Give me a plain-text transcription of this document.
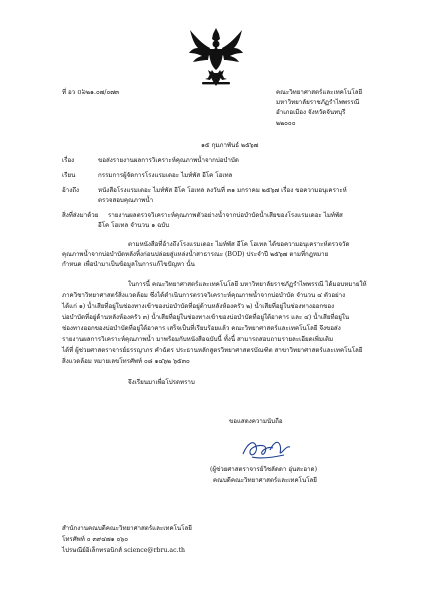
ที่ อว ០៦๒๑.๐๗/๐๗๓	คณะวิทยาศาสตร์และเทคโนโลยี
มหาวิทยาลัยราชภัฏรำไพพรรณี
อำเภอเมือง จังหวัดจันทบุรี
๒๒๐๐๐
๑๕ กุมภาพันธ์ ๒๕๖๗
เรื่อง	ขอส่งรายงานผลการวิเคราะห์คุณภาพน้ำจากบ่อบำบัด
เรียน	กรรมการผู้จัดการโรงแรมเดอะ ไมท์พัส อีโค โฮเทล
อ้างถึง	หนังสือโรงแรมเดอะ ไมท์พัส อีโค โฮเทล ลงวันที่ ๓๑ มกราคม ๒๕๖๗ เรื่อง ขอความอนุเคราะห์
ตรวจสอบคุณภาพน้ำ
สิ่งที่ส่งมาด้วย รายงานผลตรวจวิเคราะห์คุณภาพตัวอย่างน้ำจากบ่อบำบัดน้ำเสียของโรงแรมเดอะ ไมท์พัส
อีโค โฮเทล จำนวน ๑ ฉบับ
ตามหนังสือที่อ้างถึงโรงแรมเดอะ ไมท์พัส อีโค โฮเทล ได้ขอความอนุเคราะห์ตรวจวัด
คุณภาพน้ำจากบ่อบำบัดหลังทิ้งก่อนปล่อยสู่แหล่งน้ำสาธารณะ (BOD) ประจำปี ๒๕๖๗ ตามที่กฎหมาย
กำหนด เพื่อนำมาเป็นข้อมูลในการแก้ไขปัญหา นั้น
ในการนี้ คณะวิทยาศาสตร์และเทคโนโลยี มหาวิทยาลัยราชภัฏรำไพพรรณี ได้มอบหมายให้
ภาควิชาวิทยาศาสตร์สิ่งแวดล้อม ซึ่งได้ดำเนินการตรวจวิเคราะห์คุณภาพน้ำจากบ่อบำบัด จำนวน ๔ ตัวอย่าง
ได้แก่ ๑) น้ำเสียที่อยู่ในช่องทางเข้าของบ่อบำบัดที่อยู่ด้านหลังห้องครัว ๒) น้ำเสียที่อยู่ในช่องทางออกของ
บ่อบำบัดที่อยู่ด้านหลังห้องครัว ๓) น้ำเสียที่อยู่ในช่องทางเข้าของบ่อบำบัดที่อยู่ใต้อาคาร และ ๔) น้ำเสียที่อยู่ใน
ช่องทางออกของบ่อบำบัดที่อยู่ใต้อาคาร เสร็จเป็นที่เรียบร้อยแล้ว คณะวิทยาศาสตร์และเทคโนโลยี จึงขอส่ง
รายงานผลการวิเคราะห์คุณภาพน้ำ มาพร้อมกับหนังสือฉบับนี้ ทั้งนี้ สามารถสอบถามรายละเอียดเพิ่มเติม
ได้ที่ ผู้ช่วยศาสตราจารย์ธรรญาภร คำฉัตร ประธานหลักสูตรวิทยาศาสตรบัณฑิต สาขาวิทยาศาสตร์และเทคโนโลยี
สิ่งแวดล้อม หมายเลขโทรศัพท์ ๐๘ ๑๔๖๒ ๖๕๓๐
จึงเรียนมาเพื่อโปรดทราบ
ขอแสดงความนับถือ
(ผู้ช่วยศาสตราจารย์วิชลัดดา อุ่นสะอาด)
คณบดีคณะวิทยาศาสตร์และเทคโนโลยี
สำนักงานคณบดีคณะวิทยาศาสตร์และเทคโนโลยี
โทรศัพท์ ๐ ๓๙๔๗๑ ๐๖๐
ไปรษณีย์อิเล็กทรอนิกส์ science@rbru.ac.th
